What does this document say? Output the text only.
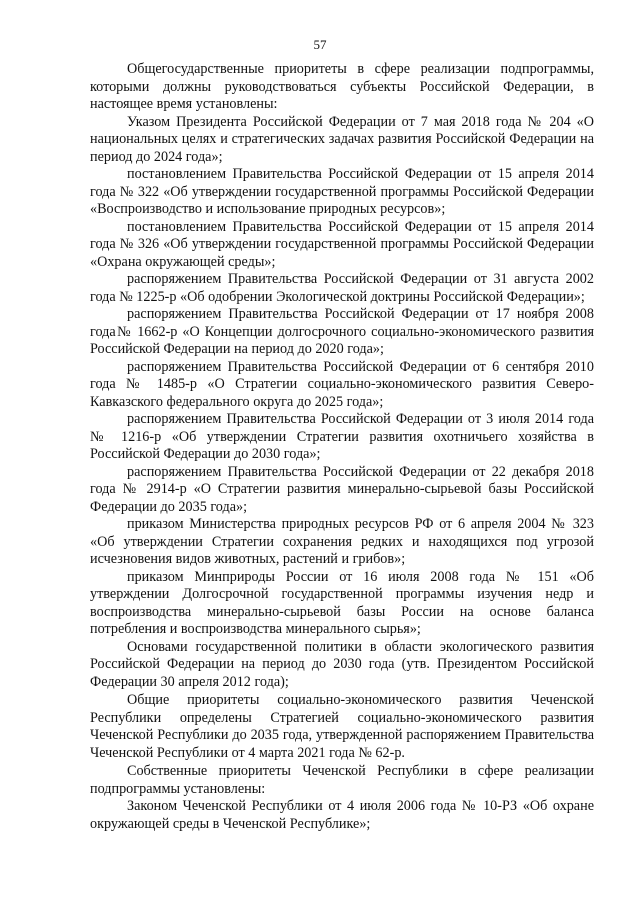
57

Общегосударственные приоритеты в сфере реализации подпрограммы, которыми должны руководствоваться субъекты Российской Федерации, в настоящее время установлены:

Указом Президента Российской Федерации от 7 мая 2018 года № 204 «О национальных целях и стратегических задачах развития Российской Федерации на период до 2024 года»;

постановлением Правительства Российской Федерации от 15 апреля 2014 года № 322 «Об утверждении государственной программы Российской Федерации «Воспроизводство и использование природных ресурсов»;

постановлением Правительства Российской Федерации от 15 апреля 2014 года № 326 «Об утверждении государственной программы Российской Федерации «Охрана окружающей среды»;

распоряжением Правительства Российской Федерации от 31 августа 2002 года № 1225-р «Об одобрении Экологической доктрины Российской Федерации»;

распоряжением Правительства Российской Федерации от 17 ноября 2008 года№ 1662-р «О Концепции долгосрочного социально-экономического развития Российской Федерации на период до 2020 года»;

распоряжением Правительства Российской Федерации от 6 сентября 2010 года № 1485-р «О Стратегии социально-экономического развития Северо-Кавказского федерального округа до 2025 года»;

распоряжением Правительства Российской Федерации от 3 июля 2014 года № 1216-р «Об утверждении Стратегии развития охотничьего хозяйства в Российской Федерации до 2030 года»;

распоряжением Правительства Российской Федерации от 22 декабря 2018 года № 2914-р «О Стратегии развития минерально-сырьевой базы Российской Федерации до 2035 года»;

приказом Министерства природных ресурсов РФ от 6 апреля 2004 № 323 «Об утверждении Стратегии сохранения редких и находящихся под угрозой исчезновения видов животных, растений и грибов»;

приказом Минприроды России от 16 июля 2008 года № 151 «Об утверждении Долгосрочной государственной программы изучения недр и воспроизводства минерально-сырьевой базы России на основе баланса потребления и воспроизводства минерального сырья»;

Основами государственной политики в области экологического развития Российской Федерации на период до 2030 года (утв. Президентом Российской Федерации 30 апреля 2012 года);

Общие приоритеты социально-экономического развития Чеченской Республики определены Стратегией социально-экономического развития Чеченской Республики до 2035 года, утвержденной распоряжением Правительства Чеченской Республики от 4 марта 2021 года № 62-р.

Собственные приоритеты Чеченской Республики в сфере реализации подпрограммы установлены:

Законом Чеченской Республики от 4 июля 2006 года № 10-РЗ «Об охране окружающей среды в Чеченской Республике»;
